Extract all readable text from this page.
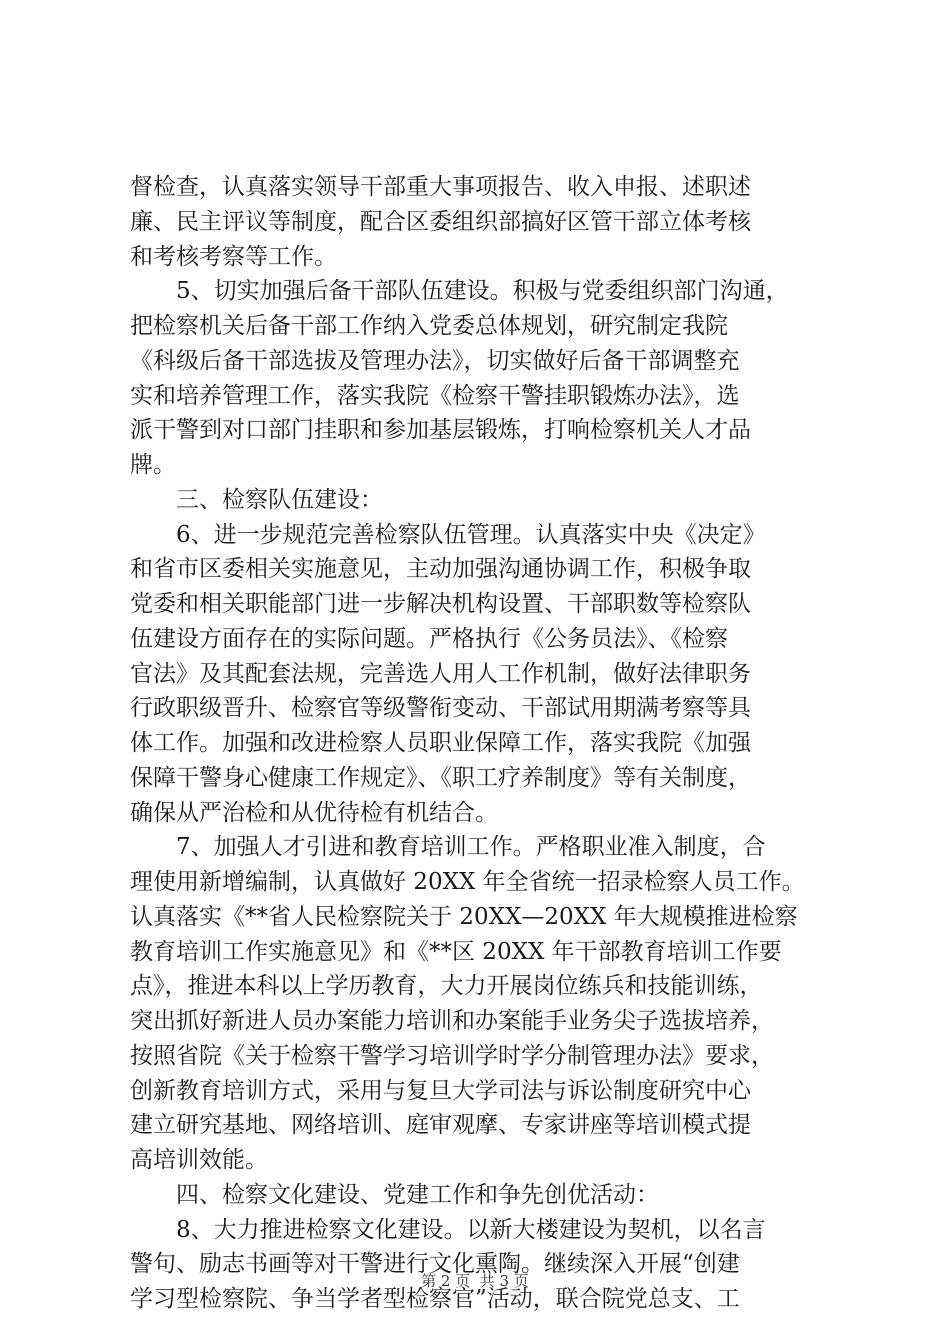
督检查，认真落实领导干部重大事项报告、收入申报、述职述
廉、民主评议等制度，配合区委组织部搞好区管干部立体考核
和考核考察等工作。
5、切实加强后备干部队伍建设。积极与党委组织部门沟通，
把检察机关后备干部工作纳入党委总体规划，研究制定我院
《科级后备干部选拔及管理办法》，切实做好后备干部调整充
实和培养管理工作，落实我院《检察干警挂职锻炼办法》，选
派干警到对口部门挂职和参加基层锻炼，打响检察机关人才品
牌。
三、检察队伍建设：
6、进一步规范完善检察队伍管理。认真落实中央《决定》
和省市区委相关实施意见，主动加强沟通协调工作，积极争取
党委和相关职能部门进一步解决机构设置、干部职数等检察队
伍建设方面存在的实际问题。严格执行《公务员法》、《检察
官法》及其配套法规，完善选人用人工作机制，做好法律职务
行政职级晋升、检察官等级警衔变动、干部试用期满考察等具
体工作。加强和改进检察人员职业保障工作，落实我院《加强
保障干警身心健康工作规定》、《职工疗养制度》等有关制度，
确保从严治检和从优待检有机结合。
7、加强人才引进和教育培训工作。严格职业准入制度，合
理使用新增编制，认真做好 20XX 年全省统一招录检察人员工作。
认真落实《**省人民检察院关于 20XX—20XX 年大规模推进检察
教育培训工作实施意见》和《**区 20XX 年干部教育培训工作要
点》，推进本科以上学历教育，大力开展岗位练兵和技能训练，
突出抓好新进人员办案能力培训和办案能手业务尖子选拔培养，
按照省院《关于检察干警学习培训学时学分制管理办法》要求，
创新教育培训方式，采用与复旦大学司法与诉讼制度研究中心
建立研究基地、网络培训、庭审观摩、专家讲座等培训模式提
高培训效能。
四、检察文化建设、党建工作和争先创优活动：
8、大力推进检察文化建设。以新大楼建设为契机，以名言
警句、励志书画等对干警进行文化熏陶。继续深入开展“创建
学习型检察院、争当学者型检察官”活动，联合院党总支、工
第 2 页  共 3 页
